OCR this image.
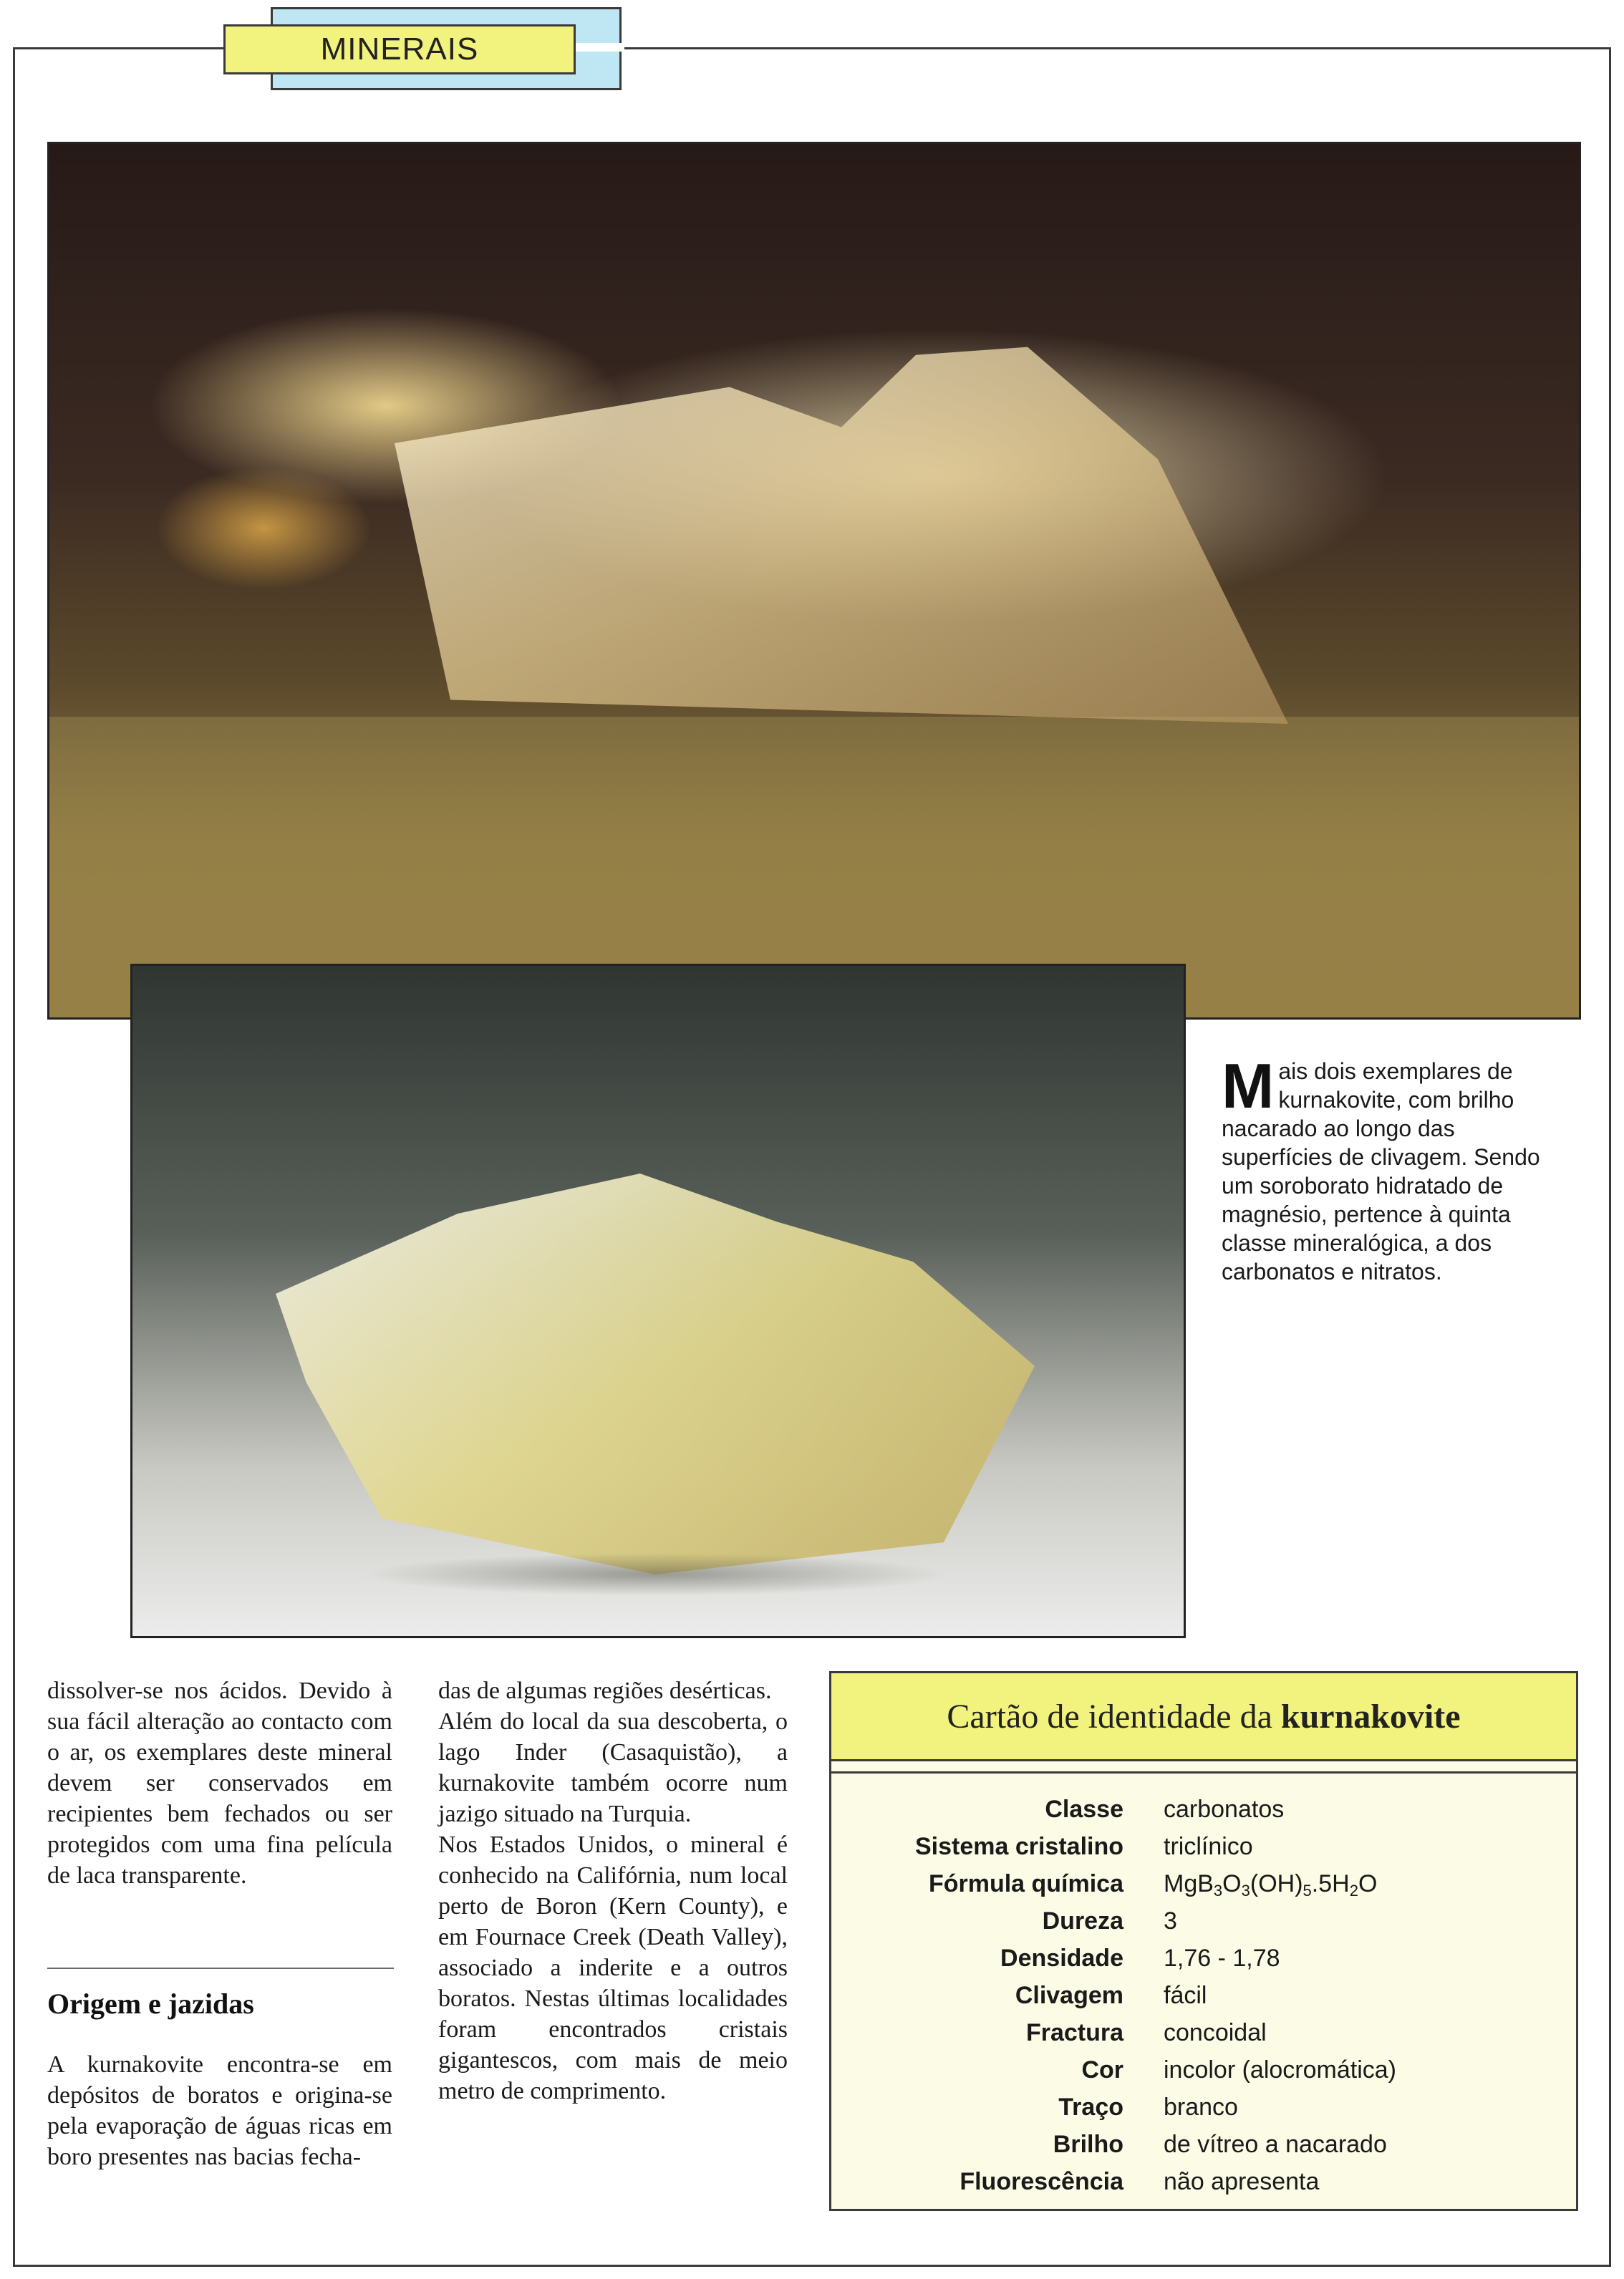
MINERAIS
Mais dois exemplares de kurnakovite, com brilho nacarado ao longo das superfícies de clivagem. Sendo um soroborato hidratado de magnésio, pertence à quinta classe mineralógica, a dos carbonatos e nitratos.

dissolver-se nos ácidos. Devido à sua fácil alteração ao contacto com o ar, os exemplares deste mineral devem ser conservados em recipientes bem fechados ou ser protegidos com uma fina película de laca transparente.

Origem e jazidas

A kurnakovite encontra-se em depósitos de boratos e origina-se pela evaporação de águas ricas em boro presentes nas bacias fecha-

das de algumas regiões desérticas.

Além do local da sua descoberta, o lago Inder (Casaquistão), a kurnakovite também ocorre num jazigo situado na Turquia.

Nos Estados Unidos, o mineral é conhecido na Califórnia, num local perto de Boron (Kern County), e em Fournace Creek (Death Valley), associado a inderite e a outros boratos. Nestas últimas localidades foram encontrados cristais gigantescos, com mais de meio metro de comprimento.

Cartão de identidade da kurnakovite
Classe	carbonatos
Sistema cristalino	triclínico
Fórmula química	$MgB_3O_3(OH)_5.5H_2O$
Dureza	3
Densidade	1,76 - 1,78
Clivagem	fácil
Fractura	concoidal
Cor	incolor (alocromática)
Traço	branco
Brilho	de vítreo a nacarado
Fluorescência	não apresenta
